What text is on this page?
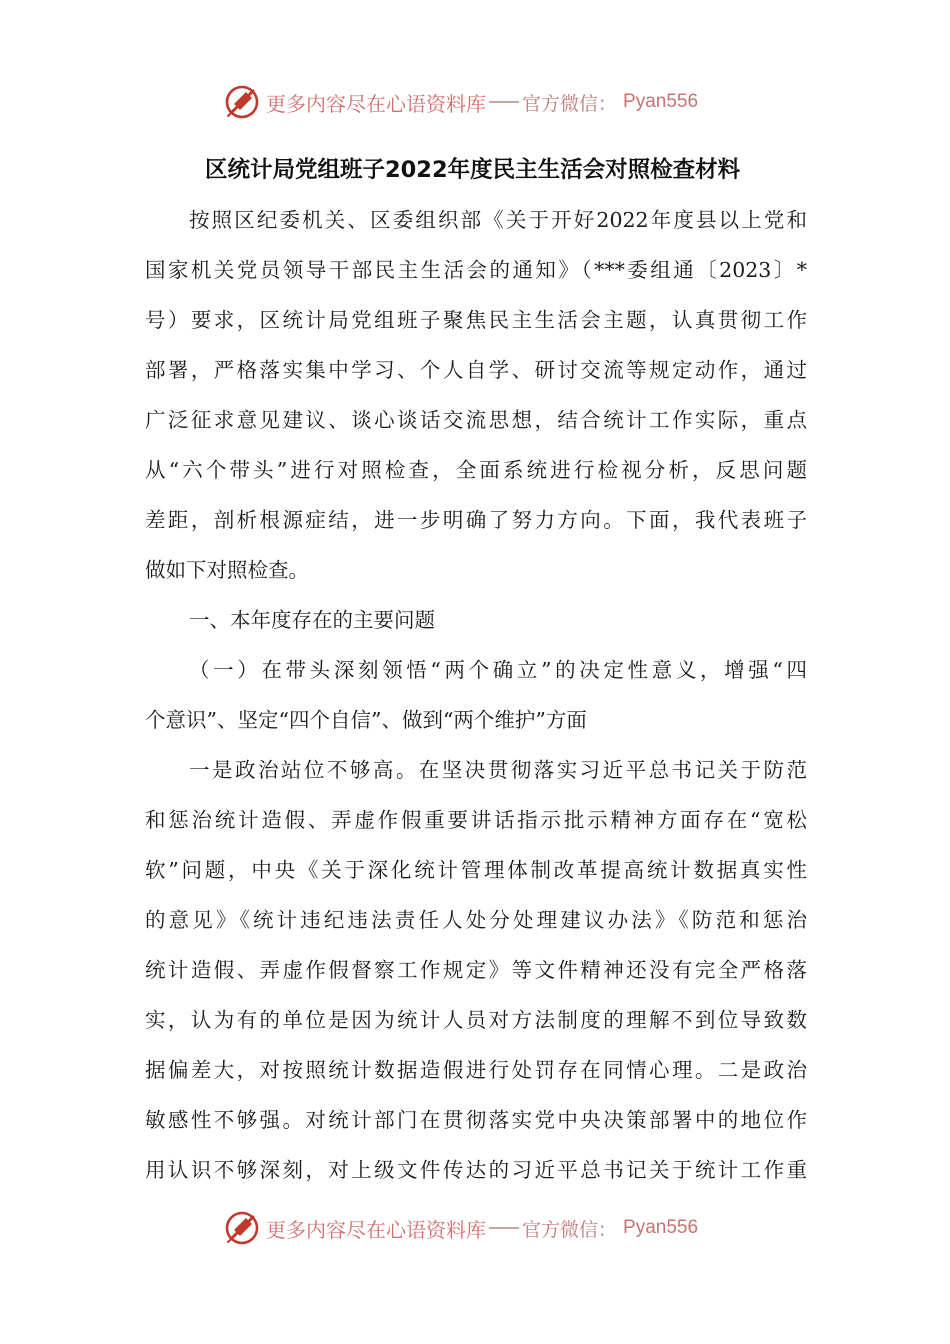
更多内容尽在心语资料库 官方微信： Pyan556
区统计局党组班子2022年度民主生活会对照检查材料
按照区纪委机关、区委组织部《关于开好2022年度县以上党和
国家机关党员领导干部民主生活会的通知》（***委组通〔2023〕*
号）要求，区统计局党组班子聚焦民主生活会主题，认真贯彻工作
部署，严格落实集中学习、个人自学、研讨交流等规定动作，通过
广泛征求意见建议、谈心谈话交流思想，结合统计工作实际，重点
从“六个带头”进行对照检查，全面系统进行检视分析，反思问题
差距，剖析根源症结，进一步明确了努力方向。下面，我代表班子
做如下对照检查。
一、本年度存在的主要问题
（一）在带头深刻领悟“两个确立”的决定性意义，增强“四
个意识”、坚定“四个自信”、做到“两个维护”方面
一是政治站位不够高。在坚决贯彻落实习近平总书记关于防范
和惩治统计造假、弄虚作假重要讲话指示批示精神方面存在“宽松
软”问题，中央《关于深化统计管理体制改革提高统计数据真实性
的意见》《统计违纪违法责任人处分处理建议办法》《防范和惩治
统计造假、弄虚作假督察工作规定》等文件精神还没有完全严格落
实，认为有的单位是因为统计人员对方法制度的理解不到位导致数
据偏差大，对按照统计数据造假进行处罚存在同情心理。二是政治
敏感性不够强。对统计部门在贯彻落实党中央决策部署中的地位作
用认识不够深刻，对上级文件传达的习近平总书记关于统计工作重
更多内容尽在心语资料库 官方微信： Pyan556
